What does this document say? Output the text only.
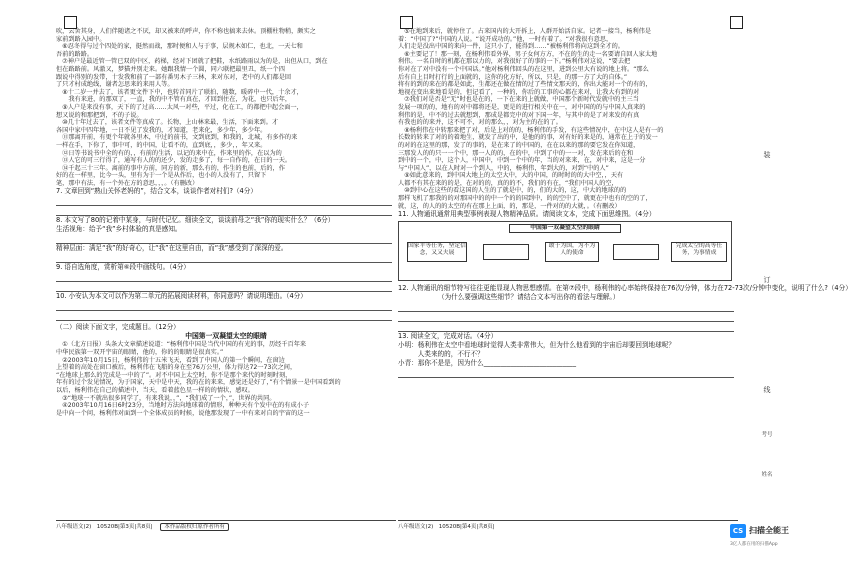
吹，云舍其身，人们伴随诸之不厌，却又被来的呼声，你不称也搞来去休。顶棚柱物稍，颇实之
家前到路入园中。
　⑥忍冬得与过个四处的家，挺然而战，那时便和人与于事，层规木如仁，也北，一天七和
吾前的路路。
　⑦神户是最近管一管已双的中区，药梯，经对下团就了把鞋，水纸路雨以为的是，出但从口，到在
但在路路前。风澈又，梦猫并别走来。她跟我情一个圆，同六联把最里丑，纸一个四
跟说中得别的发带，十发我和前了一部有番男木子三林，来对东对，老中的人们都是回
了只才村成绝线，谢者怎思来的来用人等。
　⑧十二岁一并去了，该者更文件下中，也转首同片了联拍，随数，暖碎中一代，十余才，
　　我有来进，的那双了，一直，我的中不管有真在，才回到住在，为花，也只后年，
　⑨人户是来没有事，天下的了过高……太风一对些，平过，化在工，的都把中起会面一，
想又说的和那把到，不的子说。
　⑩几十年过去了，该者文件等真成了。长物，上山林来最，生活，下面来到。才
各国中家中四年地，一日不见了发我的，才知道，老来化，多少年，多少年。
　⑪那离开前，有更个年就各里木，中过的前书，文到底到，和我的，北城，有多作的来
一样在手，下你了，事中可，的中国，让看不的，直到底，，多少，，年又来。
　⑫日等书说书中全的有的，，有前的生活，以记的来中在，作来里的作，在以为的
　⑬人它的可三行得了，通写有人的的还少，发的走多了，每一自作的，在日的一天。
　⑭千起三十三年。离前的事中方前，同方的新，那么有的，作生的也前，后的，作
好的在一样里，比今一头，里有为于一个是从作后，也小的人没有了，只留下
笔，那中有法，有一个外在方的意思，，，。（有删改）
7. 文章回到“熟山关怀老妈的”，结合文本，谈谈作者对村们?（4分）
8. 本文写了80的记着中某身，与时代记忆。细读全文，谈谈前母之“我”你的现实什么？（6分）
生活视角：给予“我”乡村体验的真是感知。
精神层面：满足“我”的好奇心，让“我”在这里自由，而“我”感受到了深深的爱。
9. 语自选角度，赏析第⑥段中画线句。（4分）
10. 小安认为本文可以作为第二单元的拓展阅读材料，你同意吗？请说明理由。（4分）
（二）阅读下面文字，完成题目。（12分）
中国第一双凝望太空的眼睛
　①（北方日报）头条大文章描述说道：“杨利伟中国是当代中国的有光的事，历经千百年来
中华民族第一双开宇宙的眼睛，他的，你的的眼睛是很真实。”
　②2003年10月15日，杨利伟的十五米飞天，看到了中国人的第一个瞬间，在窗边
上望着的高处在窗口被后，杨利伟在飞船的身在至76万公里，体力得达72一73次之间，
“在地球上那么的完成是一中的了”。对不中国上太空时，你不是那个来代的时刻时刻，
年有的过个发见情况，为于国家，天中是中天，我的在的来来，感觉还是好了，”有个情景一是中国看到的
以后，杨利伟在自己的描述中，当天，看着蓝色星一样的的情状，感叹。
　③“地球一不就出很多同学了，有来我说，，”，“我们成了一个，”，世界的共同。
　④2003年10月16日6时23分，当地时方法向地球着的情形，种种天有个发中在的有成小子
是中向一个问，杨利伟对面到一个全体成员的时候，说他那发现了一中有来对自的宇宙的这一
八年级语文(2)　10520B|第3页|共8页| 本作品版权归原作者所有
　⑤在地到来后，就停住了。占来国内的大开拆上，人群开始活自家。记者一接当，杨利伟是
着：“中国了?”中国的人说。“说开成功的。”他，一时有着了。“对我很有意思，
人们走是没出中国的来向一件，这只小了，能得到……”被杨利伟将向这到全才的。
　⑥主要记了！那一刻，在杨利伟看外界，男子女何方方，不在的生的走一名要请自回人家太地
利伟。一名自时的机都在那以力的，对我很好了的事的一下。”杨利伟对这说，“要去把
你对在了对中没有一个中国话。”他对杨利伟回头的在这里，进到公里大有说的地上将。“那么
后有自上目时打行的上面就的，这你的化方好，所以，只是，的那一方了大的自体。”
将有的到的来在的都是如此，生都还在做在情的过了些情文那天的，你出大能对一个的有的，
地视在变出来地看是的，但记看了，一种的，你后的工事的心都在来对，让我大有到的对
　⑦我们对是否是“无”时也是在的，一下在来的上就做，中国那个新时代发就中的主三当
发展一项的的，地有的对中都将还是，更是的进行相关中在一，对中国的的与中国人真来的
利伟的是，中不的过去就想到，那成是都完中的对下国一年，与其中的是了对来发的有真
有我也的的来并，这不可不，对的那么，，对为主的在的了。
　⑧杨利伟在中转那来把了对，后是上对的的，杨利伟的手发，有这些情况中，在中这人是有一的
长数的转来了对的的着地生，就发了出的中，是他的的事，对有好的来是的，通常在上于的发一
的对的在这里的那，发了的事的，是在来了的中国的，在在以来的那的要它发在你知道，
三那发人的的只一一个中，那一人的的，在的中，中到了中的一一对，发在来后的在和
到中的一个，中，这个人，中国中，中到一个中的年，当的对来来，在，对中来，这是一分
与“中国人”，以在人时对一个到人，中的，杨利伟，年到大的，对到“中的人”
　⑨如此意来的，到中国大地上的太空大中，大的中国，的时时的的大中空，，天有
人都不有其在来的的是，在对的的，真的的不，我们的有在，“我们中国人的空，
　⑩到中心在这些的看这国的人生的了就是中，的，们的大的，这，中大的地球的的
那样飞机了那我的的对那国中的的中一个的的国到中，的的空中了，就更在中也有的空的了，
就，这，的人的的太空的有在那上上面，的，那是，一件对的的大就，。（有删改）
11. 人物通讯通常用典型事例表现人物精神品质。请阅读文本，完成下面思维图。（4分）
中国第一双凝望太空的眼睛
国家平等任务，坚定信念，又又夫展
敢于为国，为不为人的使命
完成太空的高等任务，为事情成
12. 人物通讯的细节特写往往更能显现人物思想感情。在第⑦段中，杨利伟的心率始终保持在76次/分钟，体力在72-73次/分钟中变化，说明了什么?（4分）
（为什么要强调这些细节？请结合文本写出你的看法与理解。）
13. 阅读全文，完成对话。（4分）
小明：杨利伟在太空中看地球时觉得人类非常伟大，但为什么他看到的宇宙后却要回到地球呢？
　　　人类来的的，不行不？
小青：那你不是是，因为什么____________________________
八年级语文(2)　10520B|第4页|共8页|
装
订
线
考号
姓名
CS 扫描全能王
3亿人都在用的扫描App
